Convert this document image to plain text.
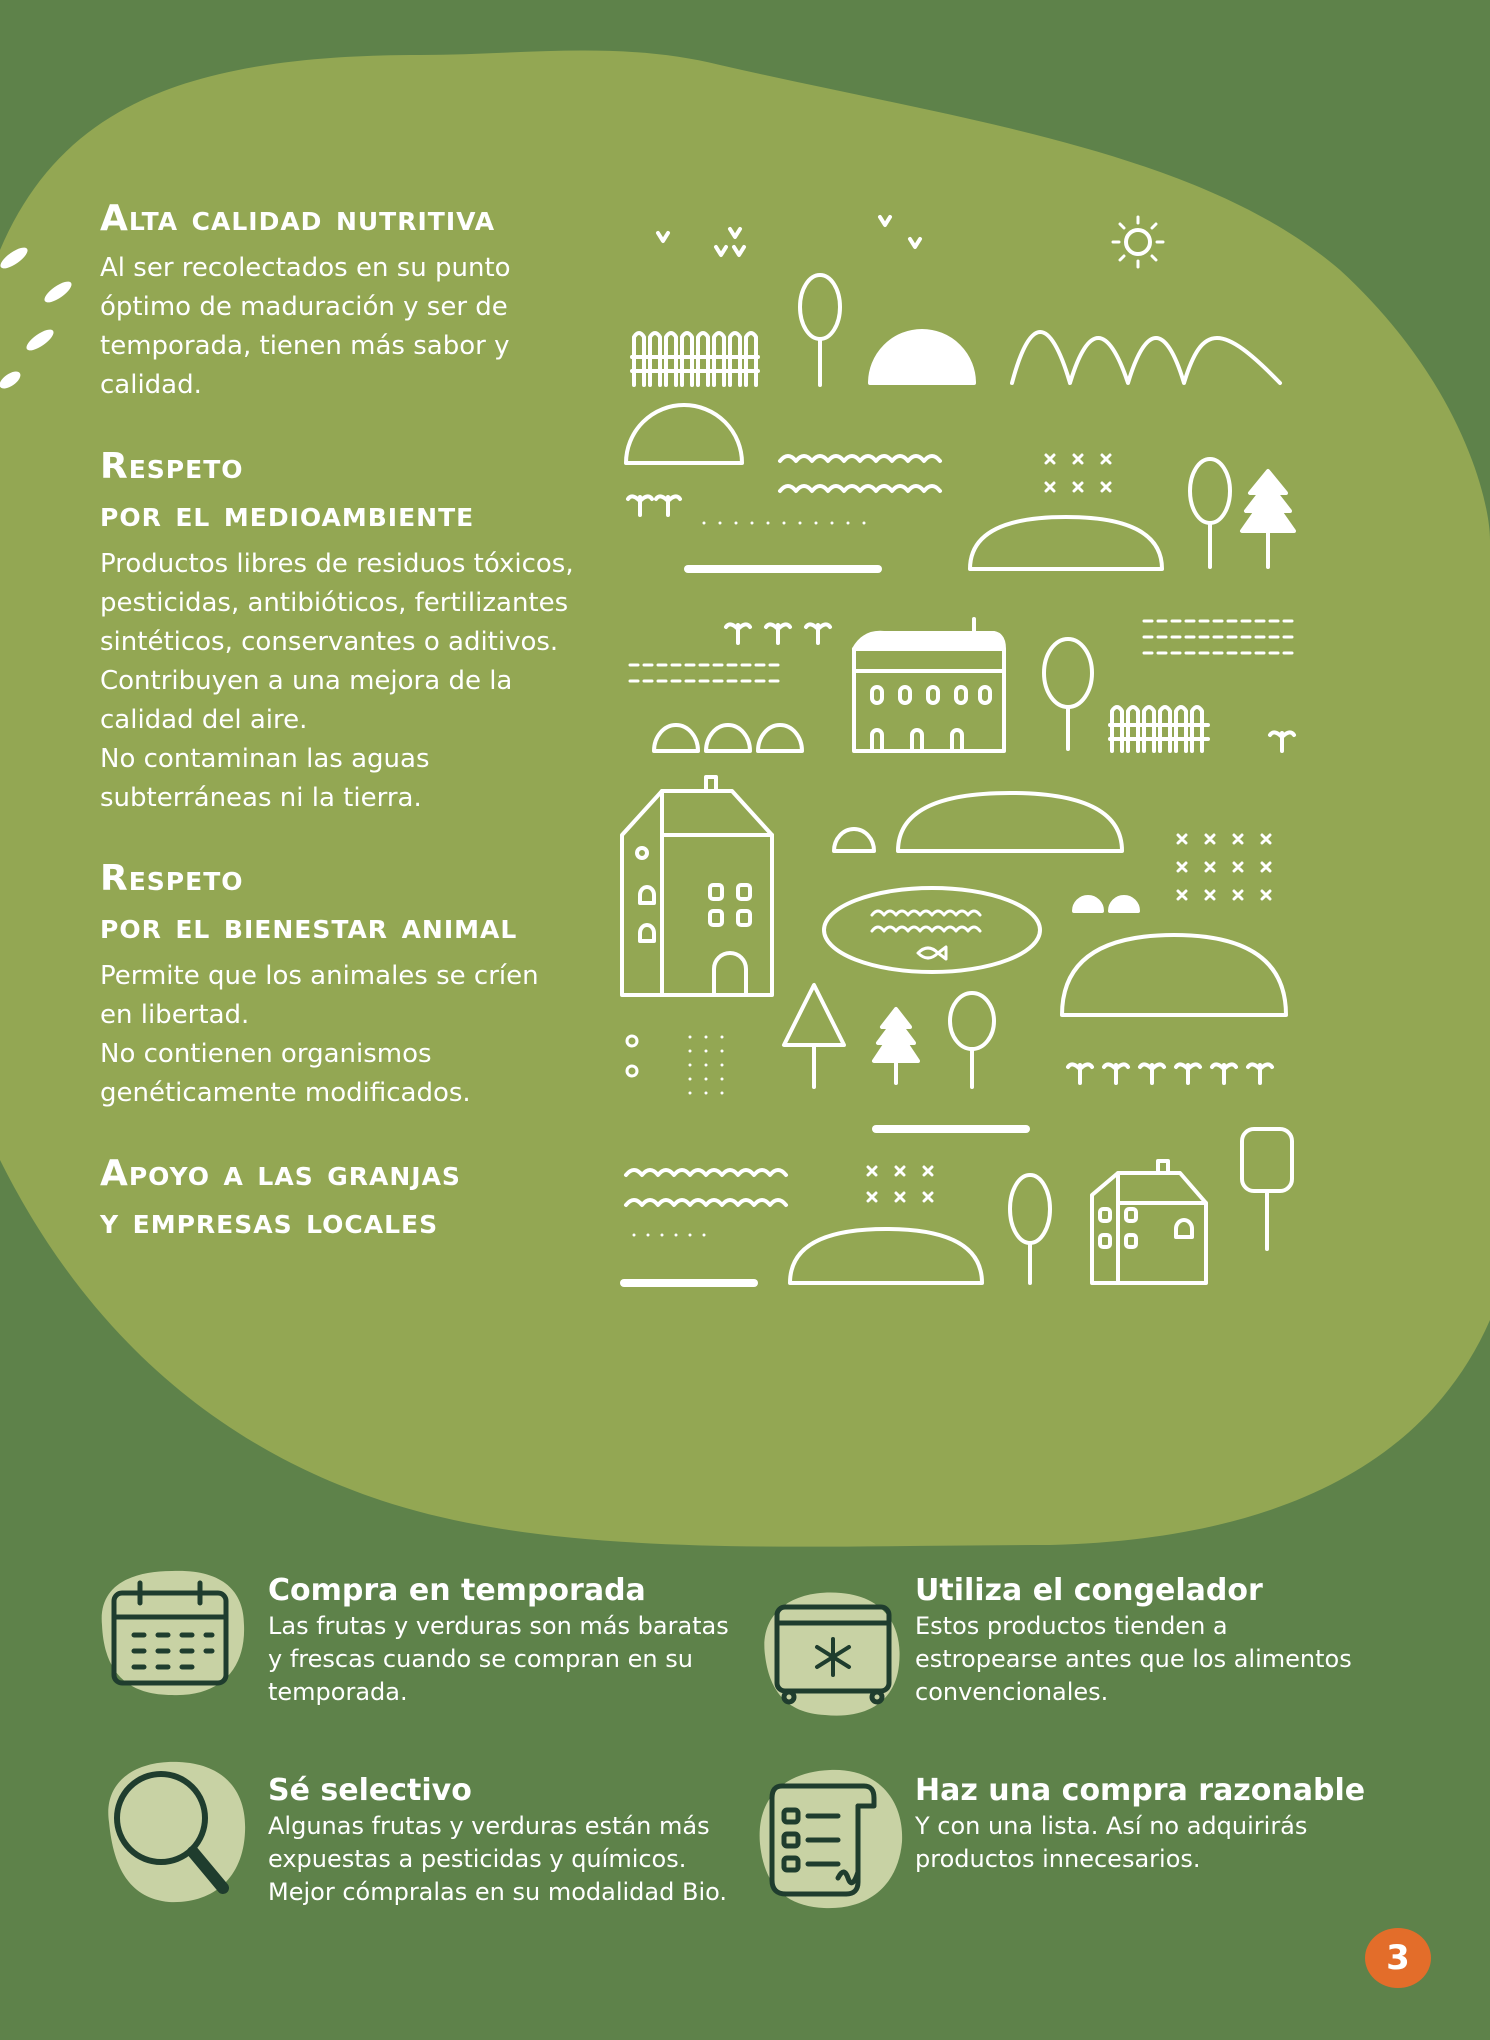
Alta calidad nutritiva

Al ser recolectados en su punto
óptimo de maduración y ser de
temporada, tienen más sabor y
calidad.

Respeto
por el medioambiente

Productos libres de residuos tóxicos,
pesticidas, antibióticos, fertilizantes
sintéticos, conservantes o aditivos.
Contribuyen a una mejora de la
calidad del aire.
No contaminan las aguas
subterráneas ni la tierra.

Respeto
por el bienestar animal

Permite que los animales se críen
en libertad.
No contienen organismos
genéticamente modificados.

Apoyo a las granjas
y empresas locales
Compra en temporada

Las frutas y verduras son más baratas
y frescas cuando se compran en su
temporada.

Utiliza el congelador

Estos productos tienden a
estropearse antes que los alimentos
convencionales.

Sé selectivo

Algunas frutas y verduras están más
expuestas a pesticidas y químicos.
Mejor cómpralas en su modalidad Bio.

Haz una compra razonable

Y con una lista. Así no adquirirás
productos innecesarios.

3
